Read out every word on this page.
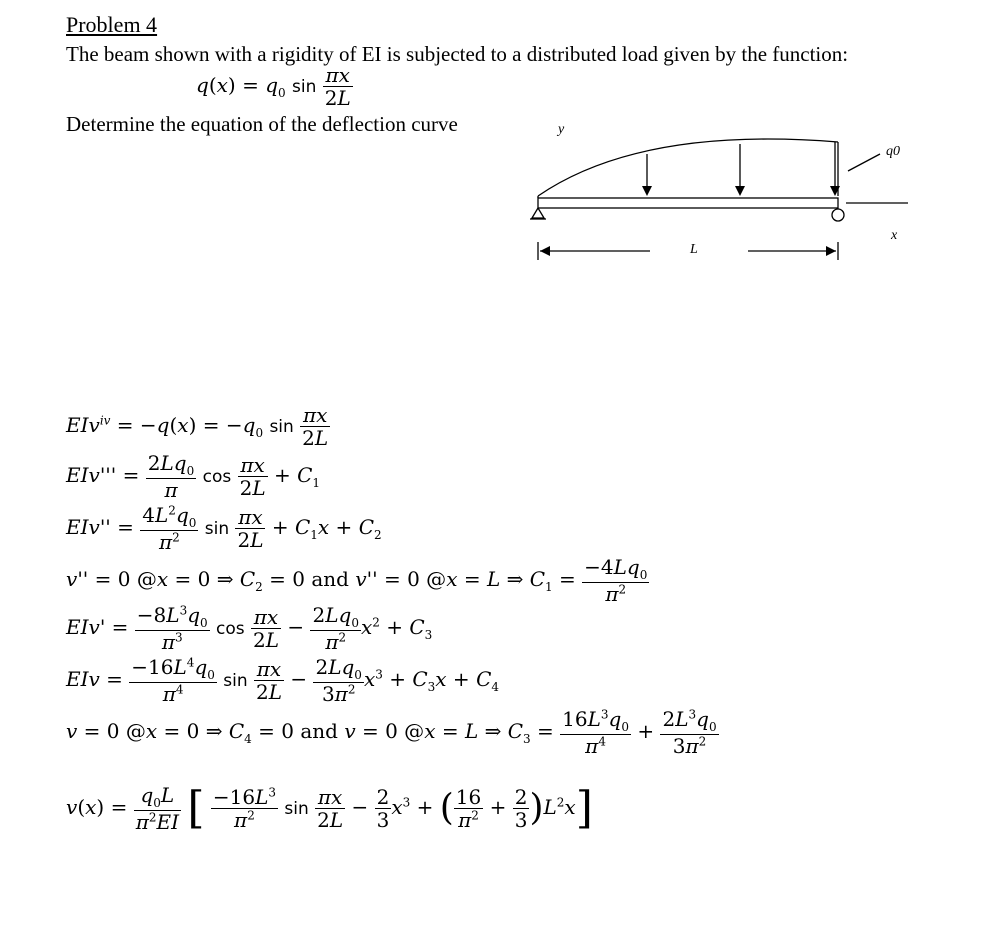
Problem 4
The beam shown with a rigidity of EI is subjected to a distributed load given by the function:
$q(x) = q_0$ $\sin \frac{\pi x}{2L}$
Determine the equation of the deflection curve	y
q0
x
L
$EIv^{iv} = -q(x) = -q_0$ $\sin \frac{\pi x}{2L}$
$EIv''' = \frac{2Lq_0}{\pi}$ $\cos \frac{\pi x}{2L} + C_1$
$EIv'' = \frac{4L^2q_0}{\pi^2}$ $\sin \frac{\pi x}{2L} + C_1x + C_2$
v'' = 0 @x = 0 ⇒ $C_2 = 0$ and v'' = 0 @x = L ⇒ $C_1 = \frac{-4Lq_0}{\pi^2}$
$EIv' = \frac{-8L^3q_0}{\pi^3}$ $\cos \frac{\pi x}{2L} - \frac{2Lq_0}{\pi^2} x^2 + C_3$
EIv = $\frac{-16L^4q_0}{\pi^4}$ $\sin \frac{\pi x}{2L} - \frac{2Lq_0}{3\pi^2} x^3 + C_3x + C_4$
v = 0 @x = 0 ⇒ $C_4 = 0$ and v = 0 @x = L ⇒ $C_3 = \frac{16L^3q_0}{\pi^4} + \frac{2L^3q_0}{3\pi^2}$
$v(x) = \frac{q_0L}{\pi^2EI}$ [ $\frac{-16L^3}{\pi^2}$ $\sin \frac{\pi x}{2L} - \frac{2}{3} x^3$ + ( $\frac{16}{\pi^2} + \frac{2}{3} )L^2x$]
